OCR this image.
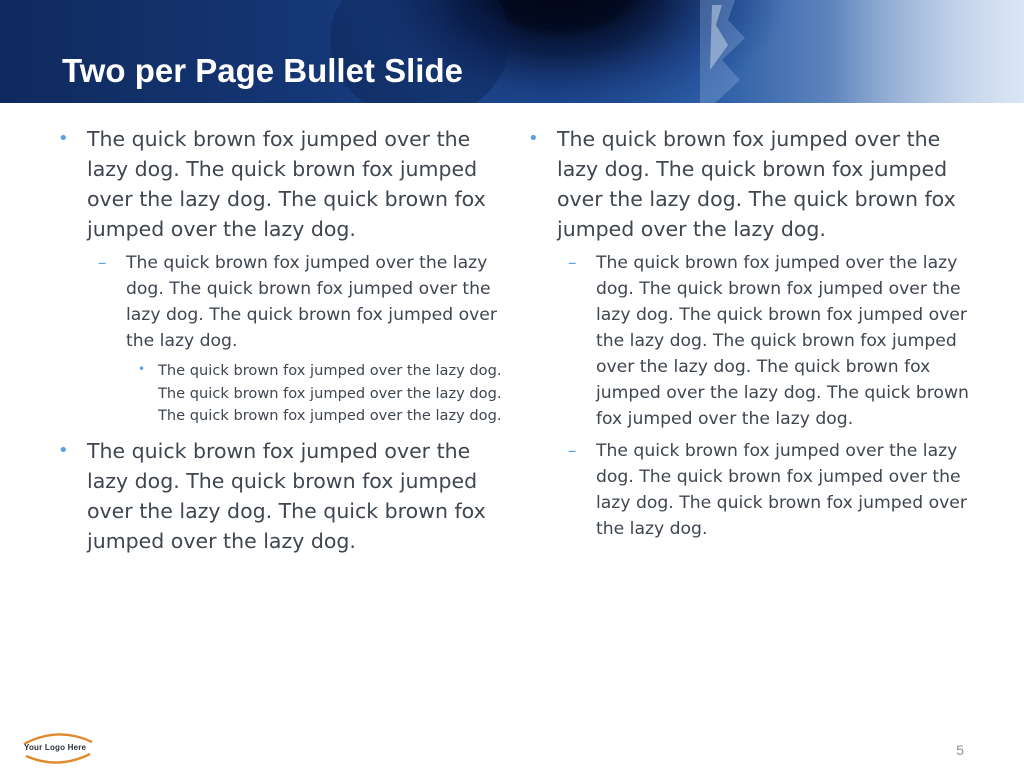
Two per Page Bullet Slide

• The quick brown fox jumped over the lazy dog. The quick brown fox jumped over the lazy dog. The quick brown fox jumped over the lazy dog.

– The quick brown fox jumped over the lazy dog. The quick brown fox jumped over the lazy dog. The quick brown fox jumped over the lazy dog.

• The quick brown fox jumped over the lazy dog. The quick brown fox jumped over the lazy dog. The quick brown fox jumped over the lazy dog.

• The quick brown fox jumped over the lazy dog. The quick brown fox jumped over the lazy dog. The quick brown fox jumped over the lazy dog.

• The quick brown fox jumped over the lazy dog. The quick brown fox jumped over the lazy dog. The quick brown fox jumped over the lazy dog.

– The quick brown fox jumped over the lazy dog. The quick brown fox jumped over the lazy dog. The quick brown fox jumped over the lazy dog. The quick brown fox jumped over the lazy dog. The quick brown fox jumped over the lazy dog. The quick brown fox jumped over the lazy dog.

– The quick brown fox jumped over the lazy dog. The quick brown fox jumped over the lazy dog. The quick brown fox jumped over the lazy dog.

Your Logo Here	5
